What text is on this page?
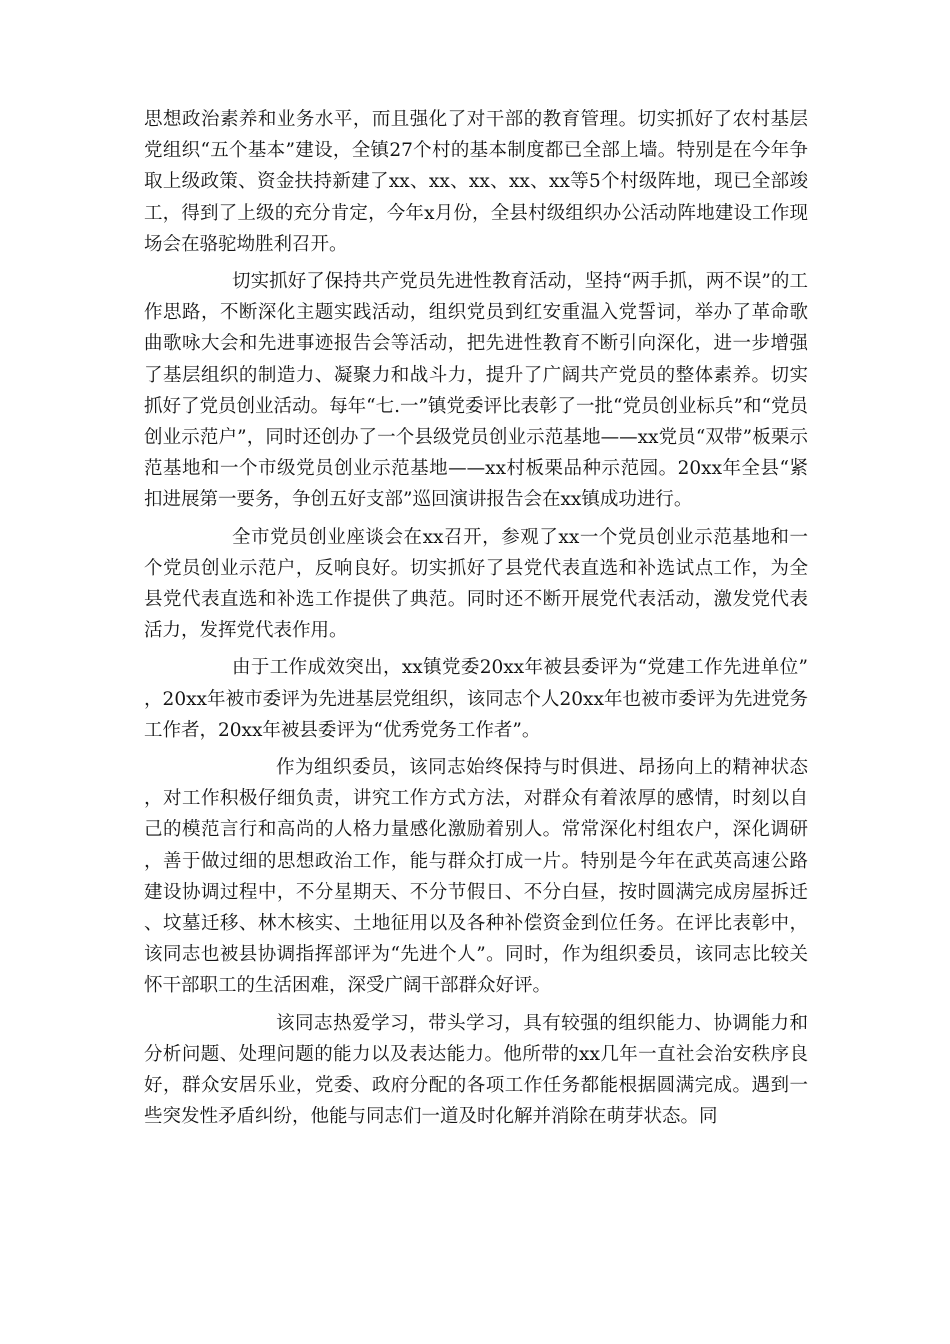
思想政治素养和业务水平，而且强化了对干部的教育管理。切实抓好了农村基层党组织“五个基本”建设，全镇27个村的基本制度都已全部上墙。特别是在今年争取上级政策、资金扶持新建了xx、xx、xx、xx、xx等5个村级阵地，现已全部竣工，得到了上级的充分肯定，今年x月份，全县村级组织办公活动阵地建设工作现场会在骆驼坳胜利召开。

切实抓好了保持共产党员先进性教育活动，坚持“两手抓，两不误”的工作思路，不断深化主题实践活动，组织党员到红安重温入党誓词，举办了革命歌曲歌咏大会和先进事迹报告会等活动，把先进性教育不断引向深化，进一步增强了基层组织的制造力、凝聚力和战斗力，提升了广阔共产党员的整体素养。切实抓好了党员创业活动。每年“七.一”镇党委评比表彰了一批“党员创业标兵”和“党员创业示范户”，同时还创办了一个县级党员创业示范基地——xx党员“双带”板栗示范基地和一个市级党员创业示范基地——xx村板栗品种示范园。20xx年全县“紧扣进展第一要务，争创五好支部”巡回演讲报告会在xx镇成功进行。

全市党员创业座谈会在xx召开，参观了xx一个党员创业示范基地和一个党员创业示范户，反响良好。切实抓好了县党代表直选和补选试点工作，为全县党代表直选和补选工作提供了典范。同时还不断开展党代表活动，激发党代表活力，发挥党代表作用。

由于工作成效突出，xx镇党委20xx年被县委评为“党建工作先进单位”，20xx年被市委评为先进基层党组织，该同志个人20xx年也被市委评为先进党务工作者，20xx年被县委评为“优秀党务工作者”。

作为组织委员，该同志始终保持与时俱进、昂扬向上的精神状态，对工作积极仔细负责，讲究工作方式方法，对群众有着浓厚的感情，时刻以自己的模范言行和高尚的人格力量感化激励着别人。常常深化村组农户，深化调研，善于做过细的思想政治工作，能与群众打成一片。特别是今年在武英高速公路建设协调过程中，不分星期天、不分节假日、不分白昼，按时圆满完成房屋拆迁、坟墓迁移、林木核实、土地征用以及各种补偿资金到位任务。在评比表彰中，该同志也被县协调指挥部评为“先进个人”。同时，作为组织委员，该同志比较关怀干部职工的生活困难，深受广阔干部群众好评。

该同志热爱学习，带头学习，具有较强的组织能力、协调能力和分析问题、处理问题的能力以及表达能力。他所带的xx几年一直社会治安秩序良好，群众安居乐业，党委、政府分配的各项工作任务都能根据圆满完成。遇到一些突发性矛盾纠纷，他能与同志们一道及时化解并消除在萌芽状态。同
